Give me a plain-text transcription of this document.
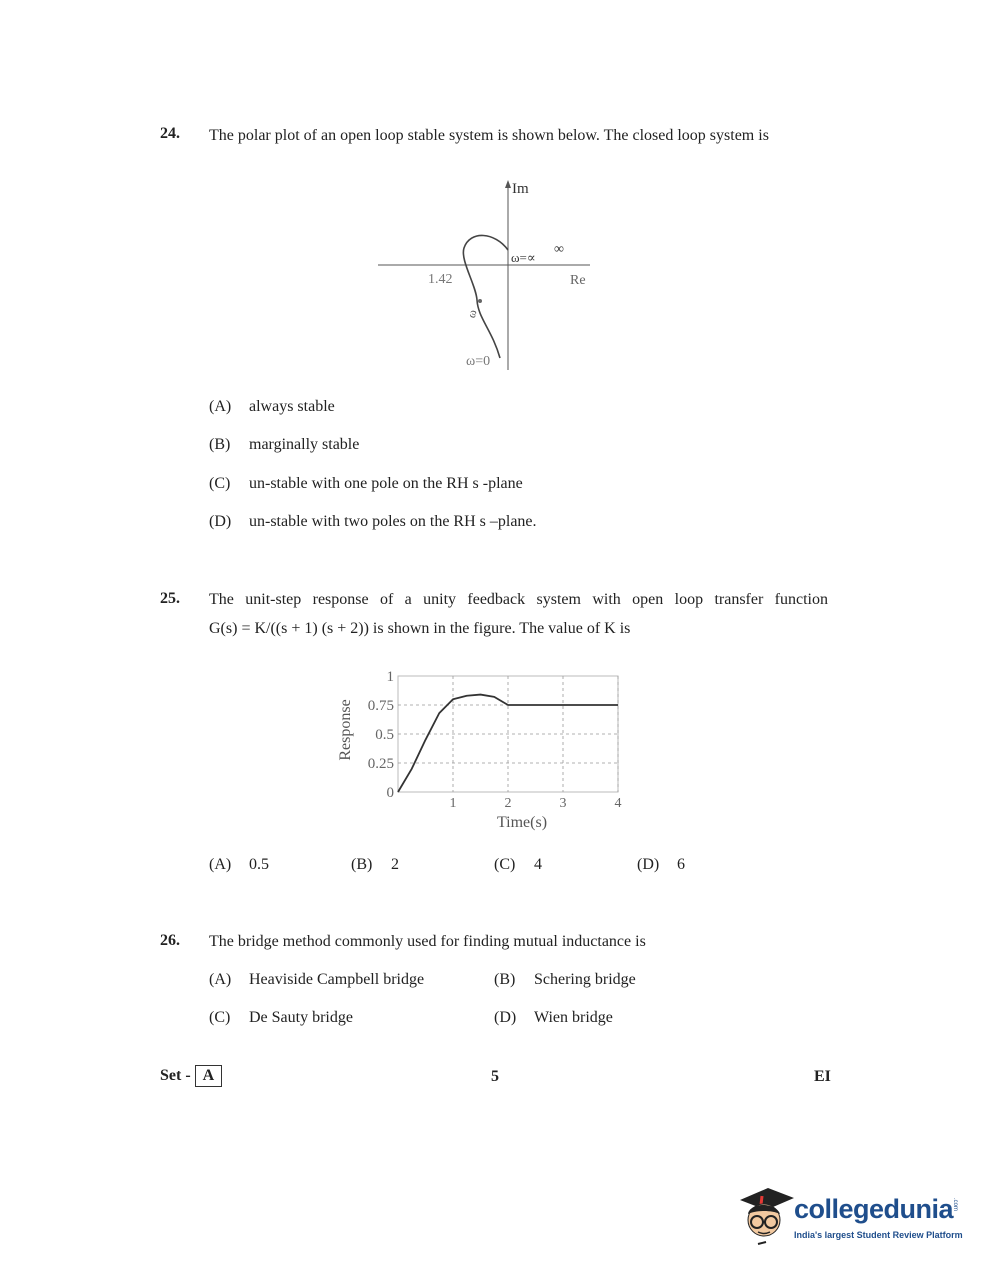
24. The polar plot of an open loop stable system is shown below. The closed loop system is
Im
Re
ω=∝
∞
1.42
ω
ω=0
(A) always stable
(B) marginally stable
(C) un-stable with one pole on the RH s -plane
(D) un-stable with two poles on the RH s –plane.
25. The unit-step response of a unity feedback system with open loop transfer function
G(s) = K/((s + 1) (s + 2)) is shown in the figure. The value of K is
1	2	3	4
1
0.75
0.5
0.25
0
Response
Time(s)
(A) 0.5	(B) 2	(C) 4	(D) 6
26. The bridge method commonly used for finding mutual inductance is
(A) Heaviside Campbell bridge	(B) Schering bridge
(C) De Sauty bridge	(D) Wien bridge
Set - A	5	EI
collegedunia
.com
India's largest Student Review Platform
